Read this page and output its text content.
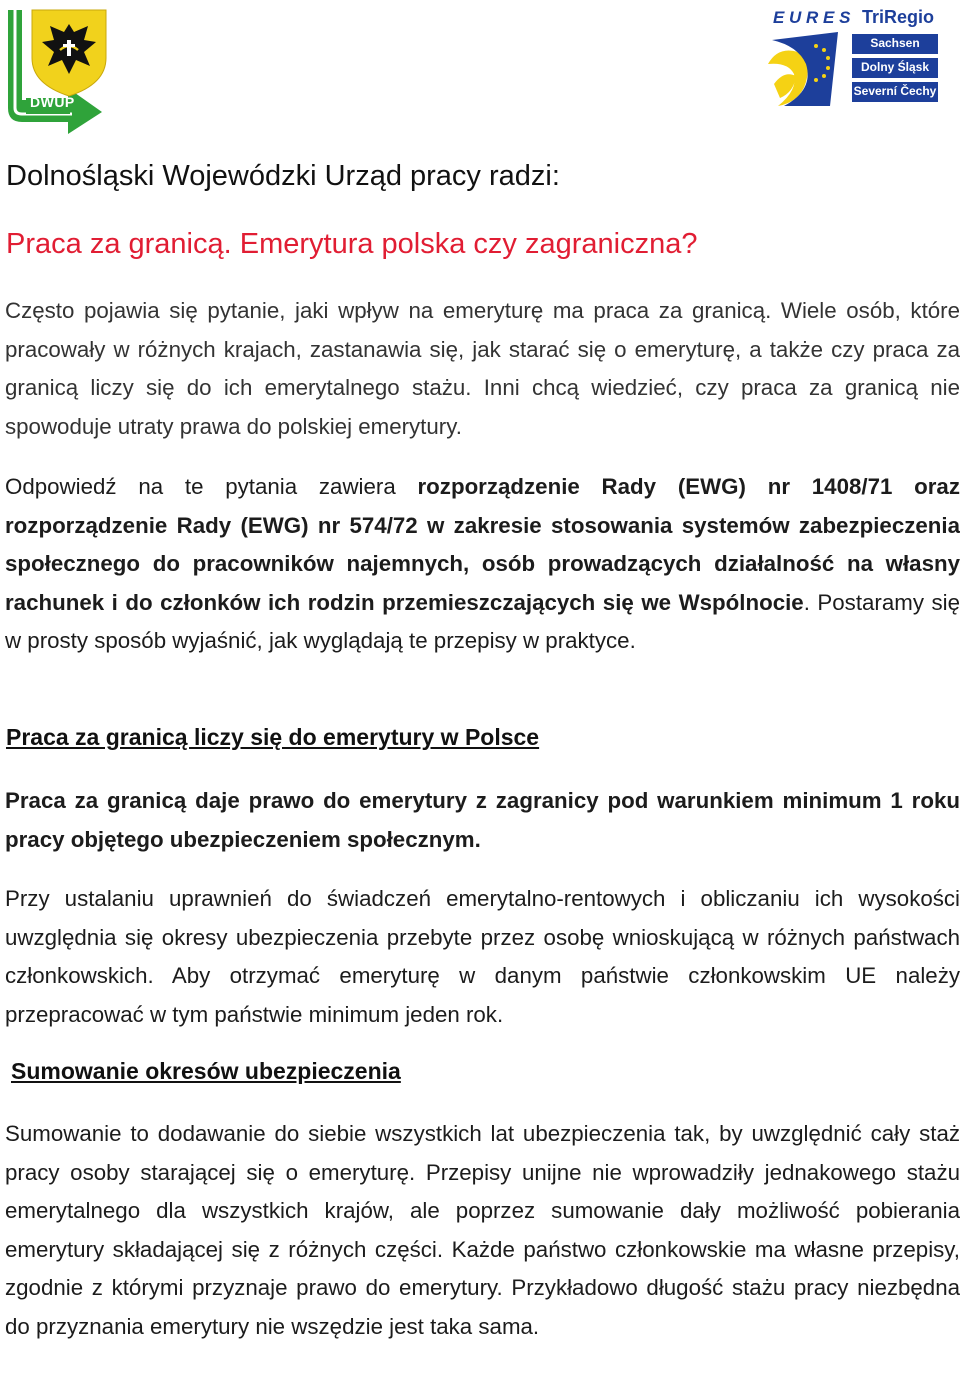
DWUP
E U R E S TriRegio
Sachsen
Dolny Śląsk
Severní Čechy
Dolnośląski Wojewódzki Urząd pracy radzi:
Praca za granicą. Emerytura polska czy zagraniczna?

Często pojawia się pytanie, jaki wpływ na emeryturę ma praca za granicą. Wiele osób, które pracowały w różnych krajach, zastanawia się, jak starać się o emeryturę, a także czy praca za granicą liczy się do ich emerytalnego stażu. Inni chcą wiedzieć, czy praca za granicą nie spowoduje utraty prawa do polskiej emerytury.

Odpowiedź na te pytania zawiera rozporządzenie Rady (EWG) nr 1408/71 oraz rozporządzenie Rady (EWG) nr 574/72 w zakresie stosowania systemów zabezpieczenia społecznego do pracowników najemnych, osób prowadzących działalność na własny rachunek i do członków ich rodzin przemieszczających się we Wspólnocie. Postaramy się w prosty sposób wyjaśnić, jak wyglądają te przepisy w praktyce.

Praca za granicą liczy się do emerytury w Polsce

Praca za granicą daje prawo do emerytury z zagranicy pod warunkiem minimum 1 roku pracy objętego ubezpieczeniem społecznym.

Przy ustalaniu uprawnień do świadczeń emerytalno-rentowych i obliczaniu ich wysokości uwzględnia się okresy ubezpieczenia przebyte przez osobę wnioskującą w różnych państwach członkowskich. Aby otrzymać emeryturę w danym państwie członkowskim UE należy przepracować w tym państwie minimum jeden rok.

Sumowanie okresów ubezpieczenia

Sumowanie to dodawanie do siebie wszystkich lat ubezpieczenia tak, by uwzględnić cały staż pracy osoby starającej się o emeryturę. Przepisy unijne nie wprowadziły jednakowego stażu emerytalnego dla wszystkich krajów, ale poprzez sumowanie dały możliwość pobierania emerytury składającej się z różnych części. Każde państwo członkowskie ma własne przepisy, zgodnie z którymi przyznaje prawo do emerytury. Przykładowo długość stażu pracy niezbędna do przyznania emerytury nie wszędzie jest taka sama.
